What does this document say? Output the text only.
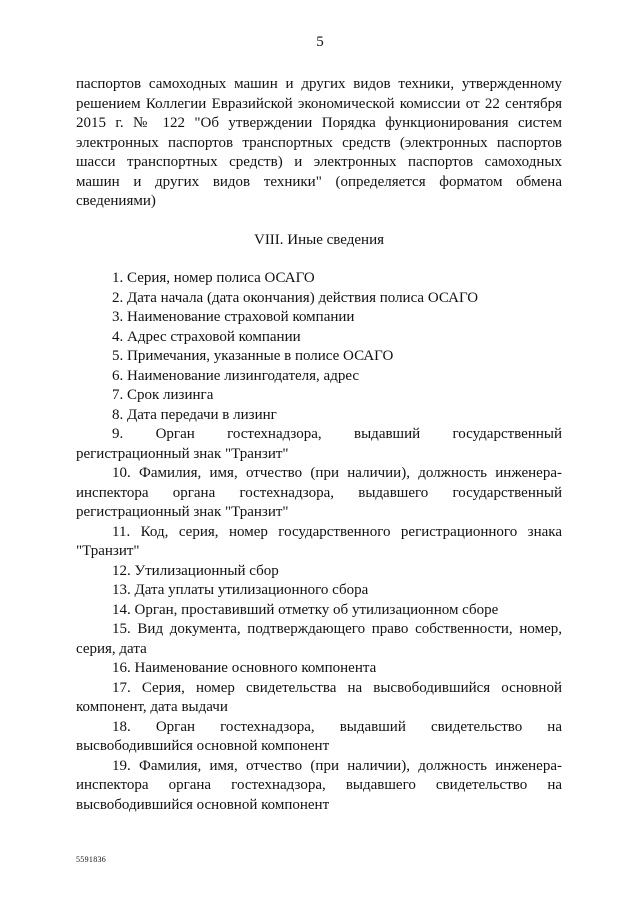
5

паспортов самоходных машин и других видов техники, утвержденному решением Коллегии Евразийской экономической комиссии от 22 сентября 2015 г. № 122 "Об утверждении Порядка функционирования систем электронных паспортов транспортных средств (электронных паспортов шасси транспортных средств) и электронных паспортов самоходных машин и других видов техники" (определяется форматом обмена сведениями)

VIII. Иные сведения

1. Серия, номер полиса ОСАГО

2. Дата начала (дата окончания) действия полиса ОСАГО

3. Наименование страховой компании

4. Адрес страховой компании

5. Примечания, указанные в полисе ОСАГО

6. Наименование лизингодателя, адрес

7. Срок лизинга

8. Дата передачи в лизинг

9. Орган гостехнадзора, выдавший государственный регистрационный знак "Транзит"

10. Фамилия, имя, отчество (при наличии), должность инженера-инспектора органа гостехнадзора, выдавшего государственный регистрационный знак "Транзит"

11. Код, серия, номер государственного регистрационного знака "Транзит"

12. Утилизационный сбор

13. Дата уплаты утилизационного сбора

14. Орган, проставивший отметку об утилизационном сборе

15. Вид документа, подтверждающего право собственности, номер, серия, дата

16. Наименование основного компонента

17. Серия, номер свидетельства на высвободившийся основной компонент, дата выдачи

18. Орган гостехнадзора, выдавший свидетельство на высвободившийся основной компонент

19. Фамилия, имя, отчество (при наличии), должность инженера-инспектора органа гостехнадзора, выдавшего свидетельство на высвободившийся основной компонент

5591836
